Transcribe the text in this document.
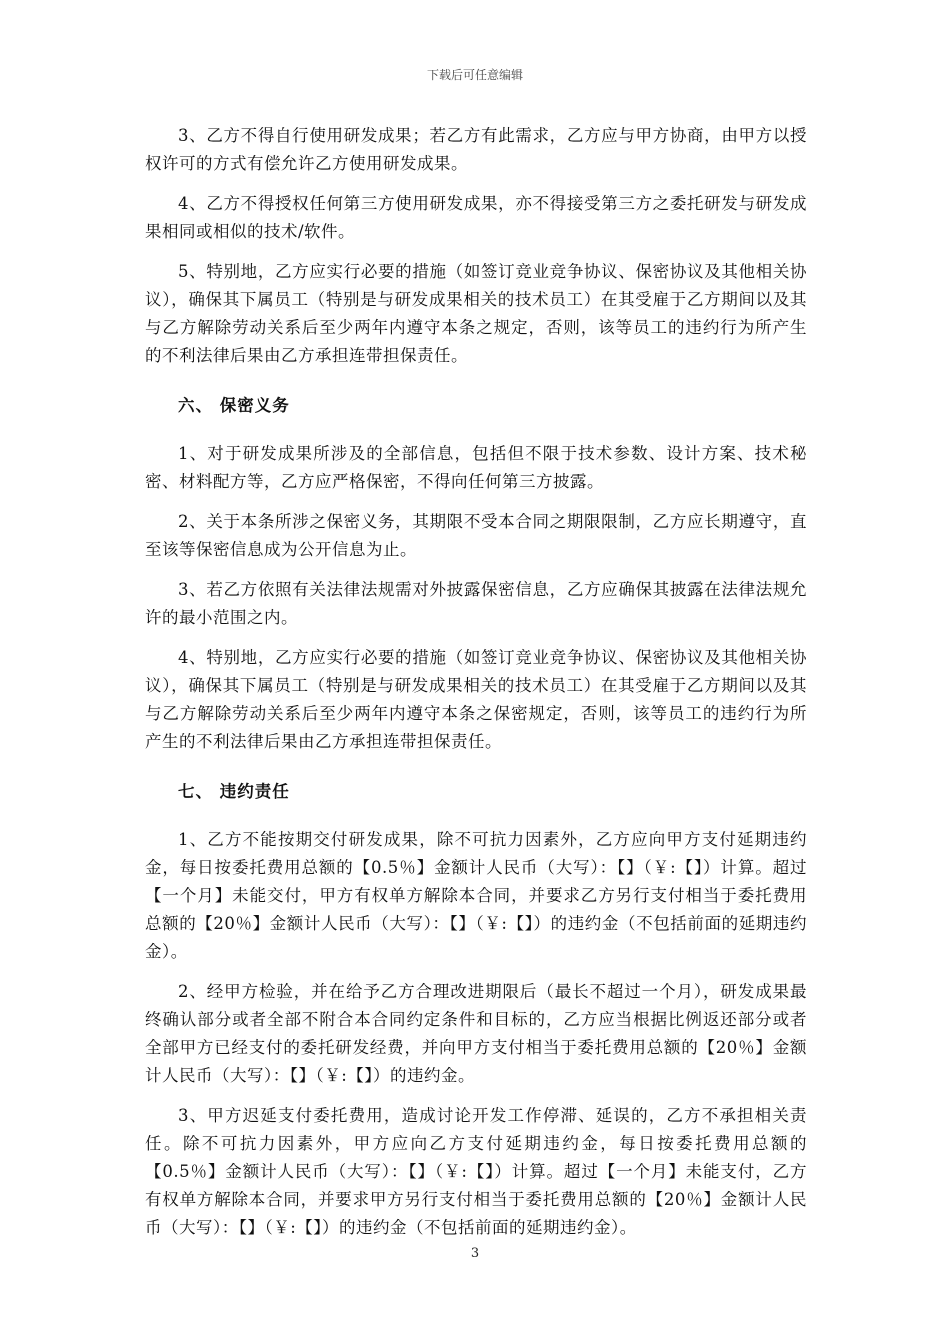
下载后可任意编辑

3、乙方不得自行使用研发成果；若乙方有此需求，乙方应与甲方协商，由甲方以授权许可的方式有偿允许乙方使用研发成果。

4、乙方不得授权任何第三方使用研发成果，亦不得接受第三方之委托研发与研发成果相同或相似的技术/软件。

5、特别地，乙方应实行必要的措施（如签订竞业竞争协议、保密协议及其他相关协议），确保其下属员工（特别是与研发成果相关的技术员工）在其受雇于乙方期间以及其与乙方解除劳动关系后至少两年内遵守本条之规定，否则，该等员工的违约行为所产生的不利法律后果由乙方承担连带担保责任。

六、 保密义务

1、对于研发成果所涉及的全部信息，包括但不限于技术参数、设计方案、技术秘密、材料配方等，乙方应严格保密，不得向任何第三方披露。

2、关于本条所涉之保密义务，其期限不受本合同之期限限制，乙方应长期遵守，直至该等保密信息成为公开信息为止。

3、若乙方依照有关法律法规需对外披露保密信息，乙方应确保其披露在法律法规允许的最小范围之内。

4、特别地，乙方应实行必要的措施（如签订竞业竞争协议、保密协议及其他相关协议），确保其下属员工（特别是与研发成果相关的技术员工）在其受雇于乙方期间以及其与乙方解除劳动关系后至少两年内遵守本条之保密规定，否则，该等员工的违约行为所产生的不利法律后果由乙方承担连带担保责任。

七、 违约责任

1、乙方不能按期交付研发成果，除不可抗力因素外，乙方应向甲方支付延期违约金，每日按委托费用总额的【0.5％】金额计人民币（大写）：【】（￥:【】）计算。超过【一个月】未能交付，甲方有权单方解除本合同，并要求乙方另行支付相当于委托费用总额的【20％】金额计人民币（大写）：【】（￥:【】）的违约金（不包括前面的延期违约金）。

2、经甲方检验，并在给予乙方合理改进期限后（最长不超过一个月），研发成果最终确认部分或者全部不附合本合同约定条件和目标的，乙方应当根据比例返还部分或者全部甲方已经支付的委托研发经费，并向甲方支付相当于委托费用总额的【20％】金额计人民币（大写）：【】（￥:【】）的违约金。

3、甲方迟延支付委托费用，造成讨论开发工作停滞、延误的，乙方不承担相关责任。除不可抗力因素外，甲方应向乙方支付延期违约金，每日按委托费用总额的【0.5％】金额计人民币（大写）：【】（￥:【】）计算。超过【一个月】未能支付，乙方有权单方解除本合同，并要求甲方另行支付相当于委托费用总额的【20％】金额计人民币（大写）：【】（￥:【】）的违约金（不包括前面的延期违约金）。

3
